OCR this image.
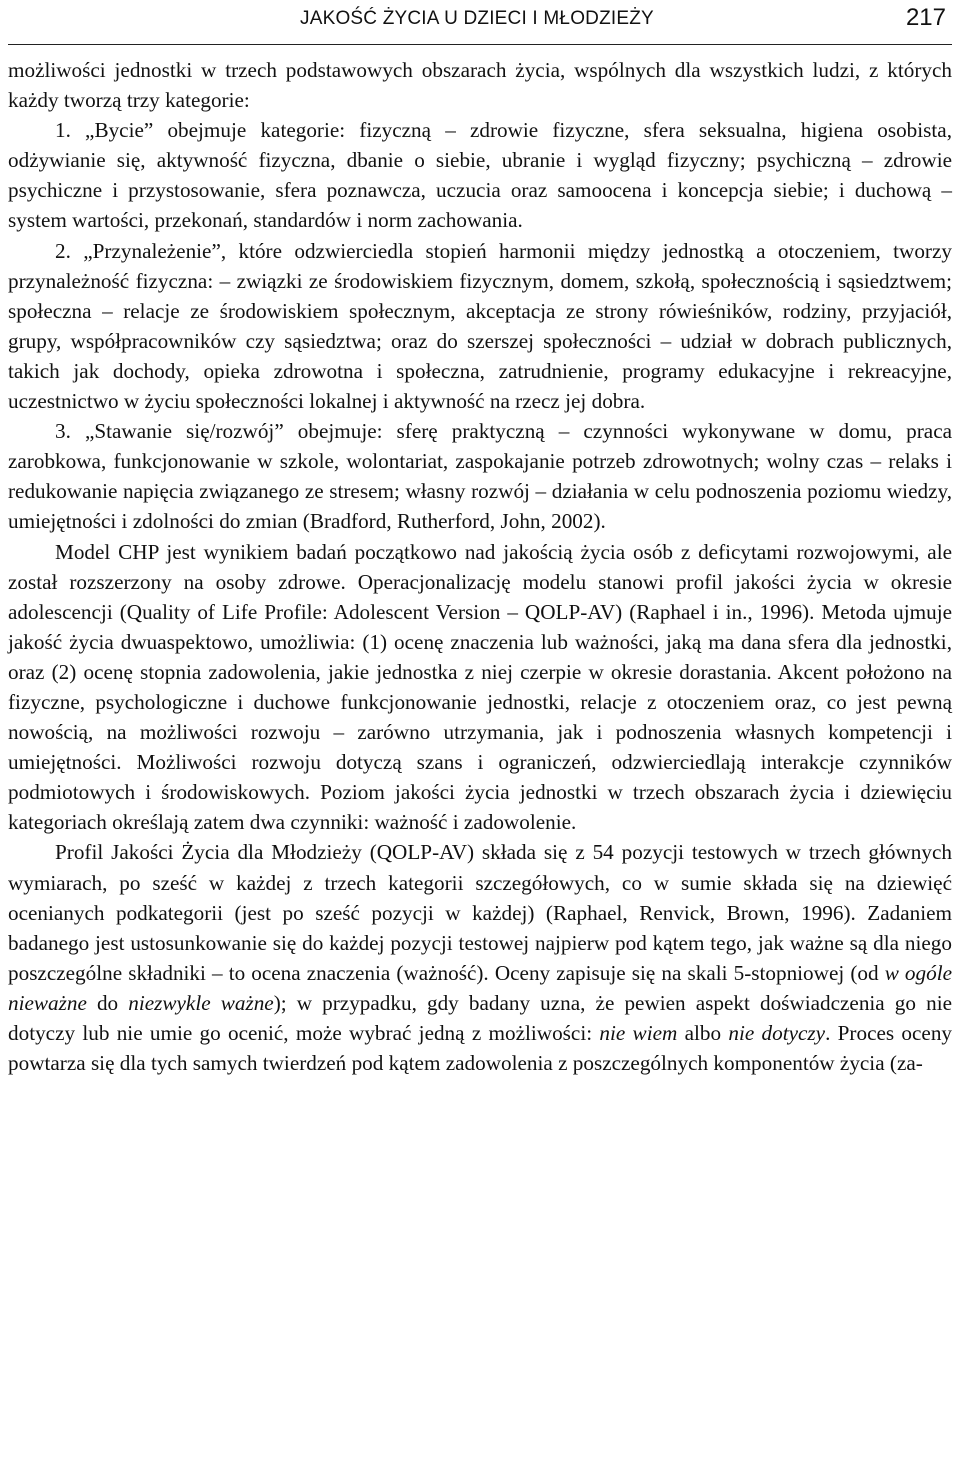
JAKOŚĆ ŻYCIA U DZIECI I MŁODZIEŻY	217

możliwości jednostki w trzech podstawowych obszarach życia, wspólnych dla wszystkich ludzi, z których każdy tworzą trzy kategorie:

1. „Bycie” obejmuje kategorie: fizyczną – zdrowie fizyczne, sfera seksualna, higiena osobista, odżywianie się, aktywność fizyczna, dbanie o siebie, ubranie i wygląd fizyczny; psychiczną – zdrowie psychiczne i przystosowanie, sfera poznawcza, uczucia oraz samoocena i koncepcja siebie; i duchową – system wartości, przekonań, standardów i norm zachowania.

2. „Przynależenie”, które odzwierciedla stopień harmonii między jednostką a otoczeniem, tworzy przynależność fizyczna: – związki ze środowiskiem fizycznym, domem, szkołą, społecznością i sąsiedztwem; społeczna – relacje ze środowiskiem społecznym, akceptacja ze strony rówieśników, rodziny, przyjaciół, grupy, współpracowników czy sąsiedztwa; oraz do szerszej społeczności – udział w dobrach publicznych, takich jak dochody, opieka zdrowotna i społeczna, zatrudnienie, programy edukacyjne i rekreacyjne, uczestnictwo w życiu społeczności lokalnej i aktywność na rzecz jej dobra.

3. „Stawanie się/rozwój” obejmuje: sferę praktyczną – czynności wykonywane w domu, praca zarobkowa, funkcjonowanie w szkole, wolontariat, zaspokajanie potrzeb zdrowotnych; wolny czas – relaks i redukowanie napięcia związanego ze stresem; własny rozwój – działania w celu podnoszenia poziomu wiedzy, umiejętności i zdolności do zmian (Bradford, Rutherford, John, 2002).

Model CHP jest wynikiem badań początkowo nad jakością życia osób z deficytami rozwojowymi, ale został rozszerzony na osoby zdrowe. Operacjonalizację modelu stanowi profil jakości życia w okresie adolescencji (Quality of Life Profile: Adolescent Version – QOLP-AV) (Raphael i in., 1996). Metoda ujmuje jakość życia dwuaspektowo, umożliwia: (1) ocenę znaczenia lub ważności, jaką ma dana sfera dla jednostki, oraz (2) ocenę stopnia zadowolenia, jakie jednostka z niej czerpie w okresie dorastania. Akcent położono na fizyczne, psychologiczne i duchowe funkcjonowanie jednostki, relacje z otoczeniem oraz, co jest pewną nowością, na możliwości rozwoju – zarówno utrzymania, jak i podnoszenia własnych kompetencji i umiejętności. Możliwości rozwoju dotyczą szans i ograniczeń, odzwierciedlają interakcje czynników podmiotowych i środowiskowych. Poziom jakości życia jednostki w trzech obszarach życia i dziewięciu kategoriach określają zatem dwa czynniki: ważność i zadowolenie.

Profil Jakości Życia dla Młodzieży (QOLP-AV) składa się z 54 pozycji testowych w trzech głównych wymiarach, po sześć w każdej z trzech kategorii szczegółowych, co w sumie składa się na dziewięć ocenianych podkategorii (jest po sześć pozycji w każdej) (Raphael, Renvick, Brown, 1996). Zadaniem badanego jest ustosunkowanie się do każdej pozycji testowej najpierw pod kątem tego, jak ważne są dla niego poszczególne składniki – to ocena znaczenia (ważność). Oceny zapisuje się na skali 5-stopniowej (od w ogóle nieważne do niezwykle ważne); w przypadku, gdy badany uzna, że pewien aspekt doświadczenia go nie dotyczy lub nie umie go ocenić, może wybrać jedną z możliwości: nie wiem albo nie dotyczy. Proces oceny powtarza się dla tych samych twierdzeń pod kątem zadowolenia z poszczególnych komponentów życia (za-
